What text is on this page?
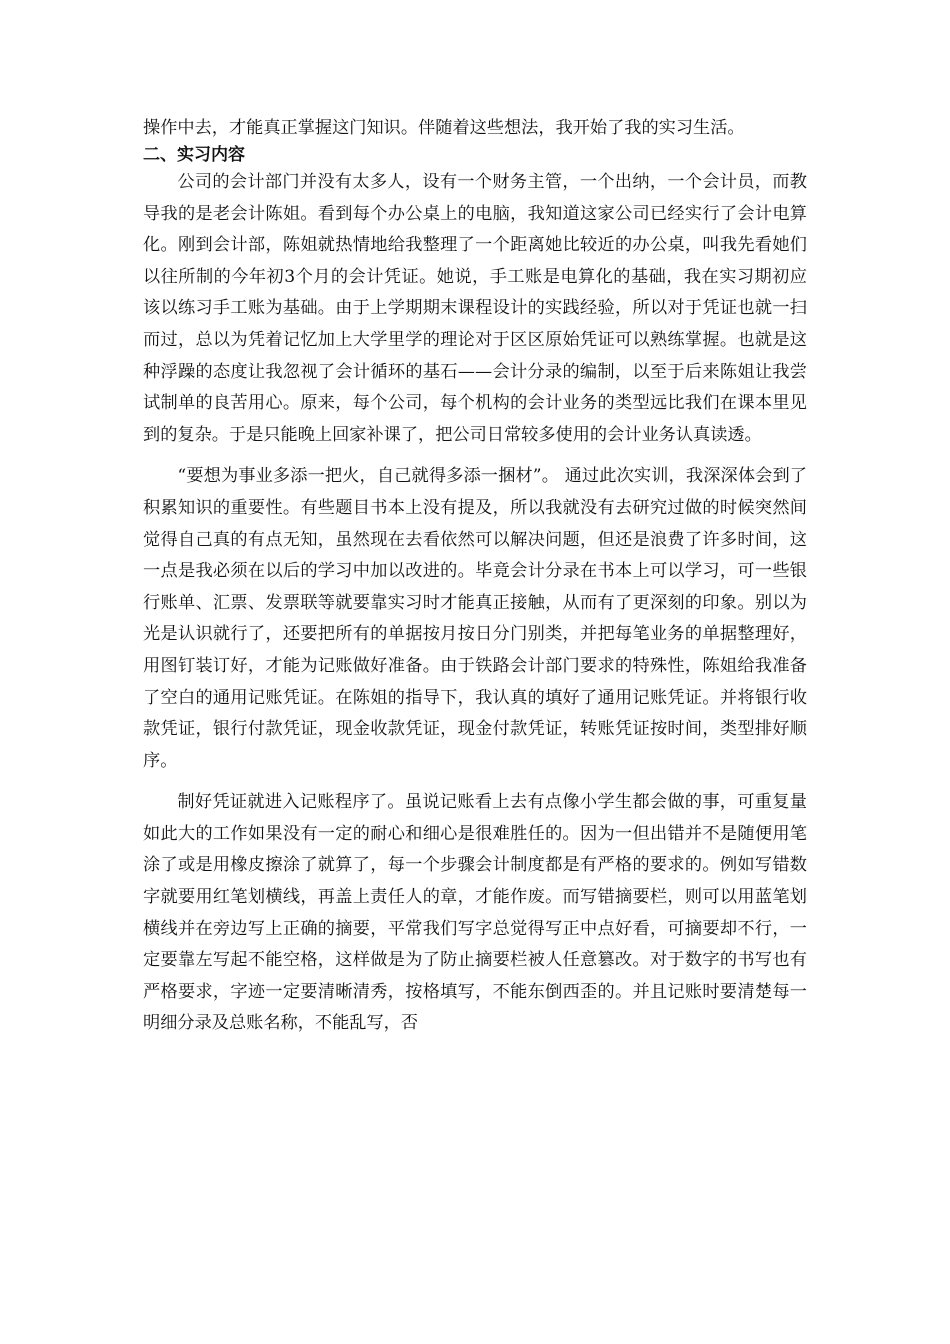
操作中去，才能真正掌握这门知识。伴随着这些想法，我开始了我的实习生活。

二、实习内容

公司的会计部门并没有太多人，设有一个财务主管，一个出纳，一个会计员，而教导我的是老会计陈姐。看到每个办公桌上的电脑，我知道这家公司已经实行了会计电算化。刚到会计部，陈姐就热情地给我整理了一个距离她比较近的办公桌，叫我先看她们以往所制的今年初3个月的会计凭证。她说，手工账是电算化的基础，我在实习期初应该以练习手工账为基础。由于上学期期末课程设计的实践经验，所以对于凭证也就一扫而过，总以为凭着记忆加上大学里学的理论对于区区原始凭证可以熟练掌握。也就是这种浮躁的态度让我忽视了会计循环的基石——会计分录的编制，以至于后来陈姐让我尝试制单的良苦用心。原来，每个公司，每个机构的会计业务的类型远比我们在课本里见到的复杂。于是只能晚上回家补课了，把公司日常较多使用的会计业务认真读透。

“要想为事业多添一把火，自己就得多添一捆材”。 通过此次实训，我深深体会到了积累知识的重要性。有些题目书本上没有提及，所以我就没有去研究过做的时候突然间觉得自己真的有点无知，虽然现在去看依然可以解决问题，但还是浪费了许多时间，这一点是我必须在以后的学习中加以改进的。毕竟会计分录在书本上可以学习，可一些银行账单、汇票、发票联等就要靠实习时才能真正接触，从而有了更深刻的印象。别以为光是认识就行了，还要把所有的单据按月按日分门别类，并把每笔业务的单据整理好，用图钉装订好，才能为记账做好准备。由于铁路会计部门要求的特殊性，陈姐给我准备了空白的通用记账凭证。在陈姐的指导下，我认真的填好了通用记账凭证。并将银行收款凭证，银行付款凭证，现金收款凭证，现金付款凭证，转账凭证按时间，类型排好顺序。

制好凭证就进入记账程序了。虽说记账看上去有点像小学生都会做的事，可重复量如此大的工作如果没有一定的耐心和细心是很难胜任的。因为一但出错并不是随便用笔涂了或是用橡皮擦涂了就算了，每一个步骤会计制度都是有严格的要求的。例如写错数字就要用红笔划横线，再盖上责任人的章，才能作废。而写错摘要栏，则可以用蓝笔划横线并在旁边写上正确的摘要，平常我们写字总觉得写正中点好看，可摘要却不行，一定要靠左写起不能空格，这样做是为了防止摘要栏被人任意篡改。对于数字的书写也有严格要求，字迹一定要清晰清秀，按格填写，不能东倒西歪的。并且记账时要清楚每一明细分录及总账名称，不能乱写，否
